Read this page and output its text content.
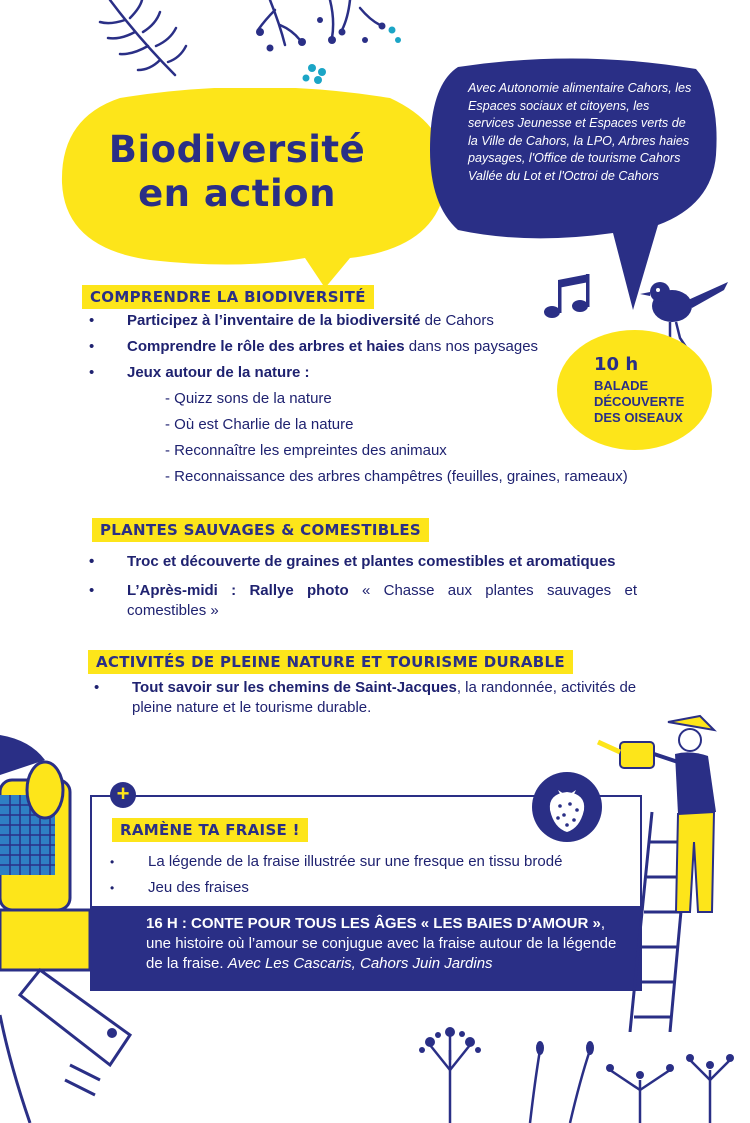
Biodiversité
en action
Avec Autonomie alimentaire Cahors, les Espaces sociaux et citoyens, les services Jeunesse et Espaces verts de la Ville de Cahors, la LPO, Arbres haies paysages, l'Office de tourisme Cahors Vallée du Lot et l'Octroi de Cahors
COMPRENDRE LA BIODIVERSITÉ
• Participez à l’inventaire de la biodiversité de Cahors
• Comprendre le rôle des arbres et haies dans nos paysages
• Jeux autour de la nature :
- Quizz sons de la nature
- Où est Charlie de la nature
- Reconnaître les empreintes des animaux
- Reconnaissance des arbres champêtres (feuilles, graines, rameaux)
10 h
BALADE DÉCOUVERTE DES OISEAUX
PLANTES SAUVAGES & COMESTIBLES
• Troc et découverte de graines et plantes comestibles et aromatiques
• L’Après-midi : Rallye photo « Chasse aux plantes sauvages et comestibles »
ACTIVITÉS DE PLEINE NATURE ET TOURISME DURABLE
• Tout savoir sur les chemins de Saint-Jacques, la randonnée, activités de pleine nature et le tourisme durable.
+
RAMÈNE TA FRAISE !
• La légende de la fraise illustrée sur une fresque en tissu brodé
• Jeu des fraises
16 H : CONTE POUR TOUS LES ÂGES « LES BAIES D’AMOUR », une histoire où l’amour se conjugue avec la fraise autour de la légende de la fraise. Avec Les Cascaris, Cahors Juin Jardins
